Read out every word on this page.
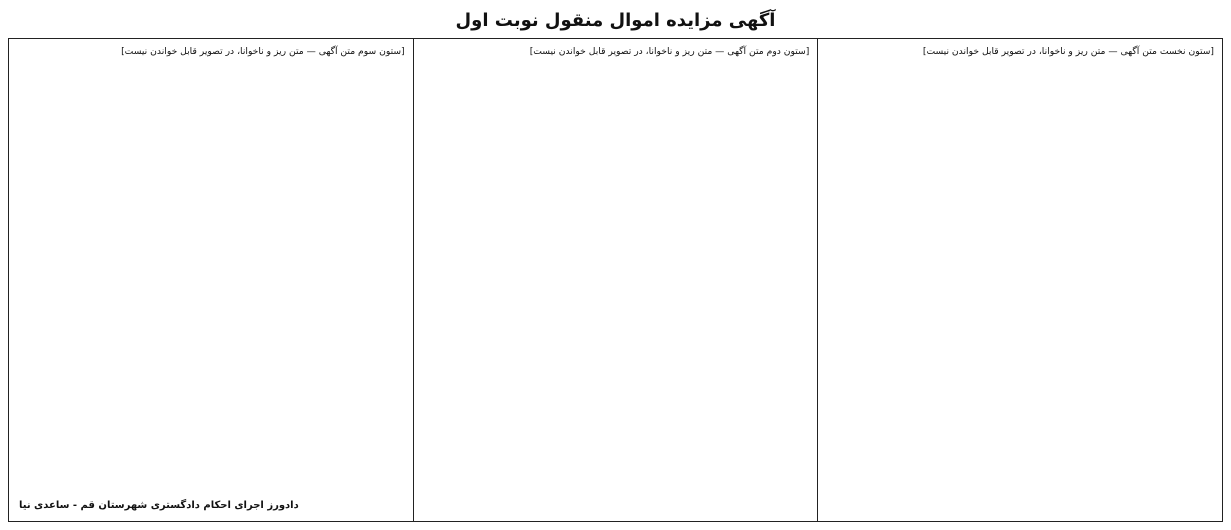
آگهی مزایده اموال منقول نوبت اول

[ستون نخست متن آگهی — متن ریز و ناخوانا، در تصویر قابل خواندن نیست]

[ستون دوم متن آگهی — متن ریز و ناخوانا، در تصویر قابل خواندن نیست]

[ستون سوم متن آگهی — متن ریز و ناخوانا، در تصویر قابل خواندن نیست]

دادورز اجرای احکام دادگستری شهرستان قم - ساعدی نیا
